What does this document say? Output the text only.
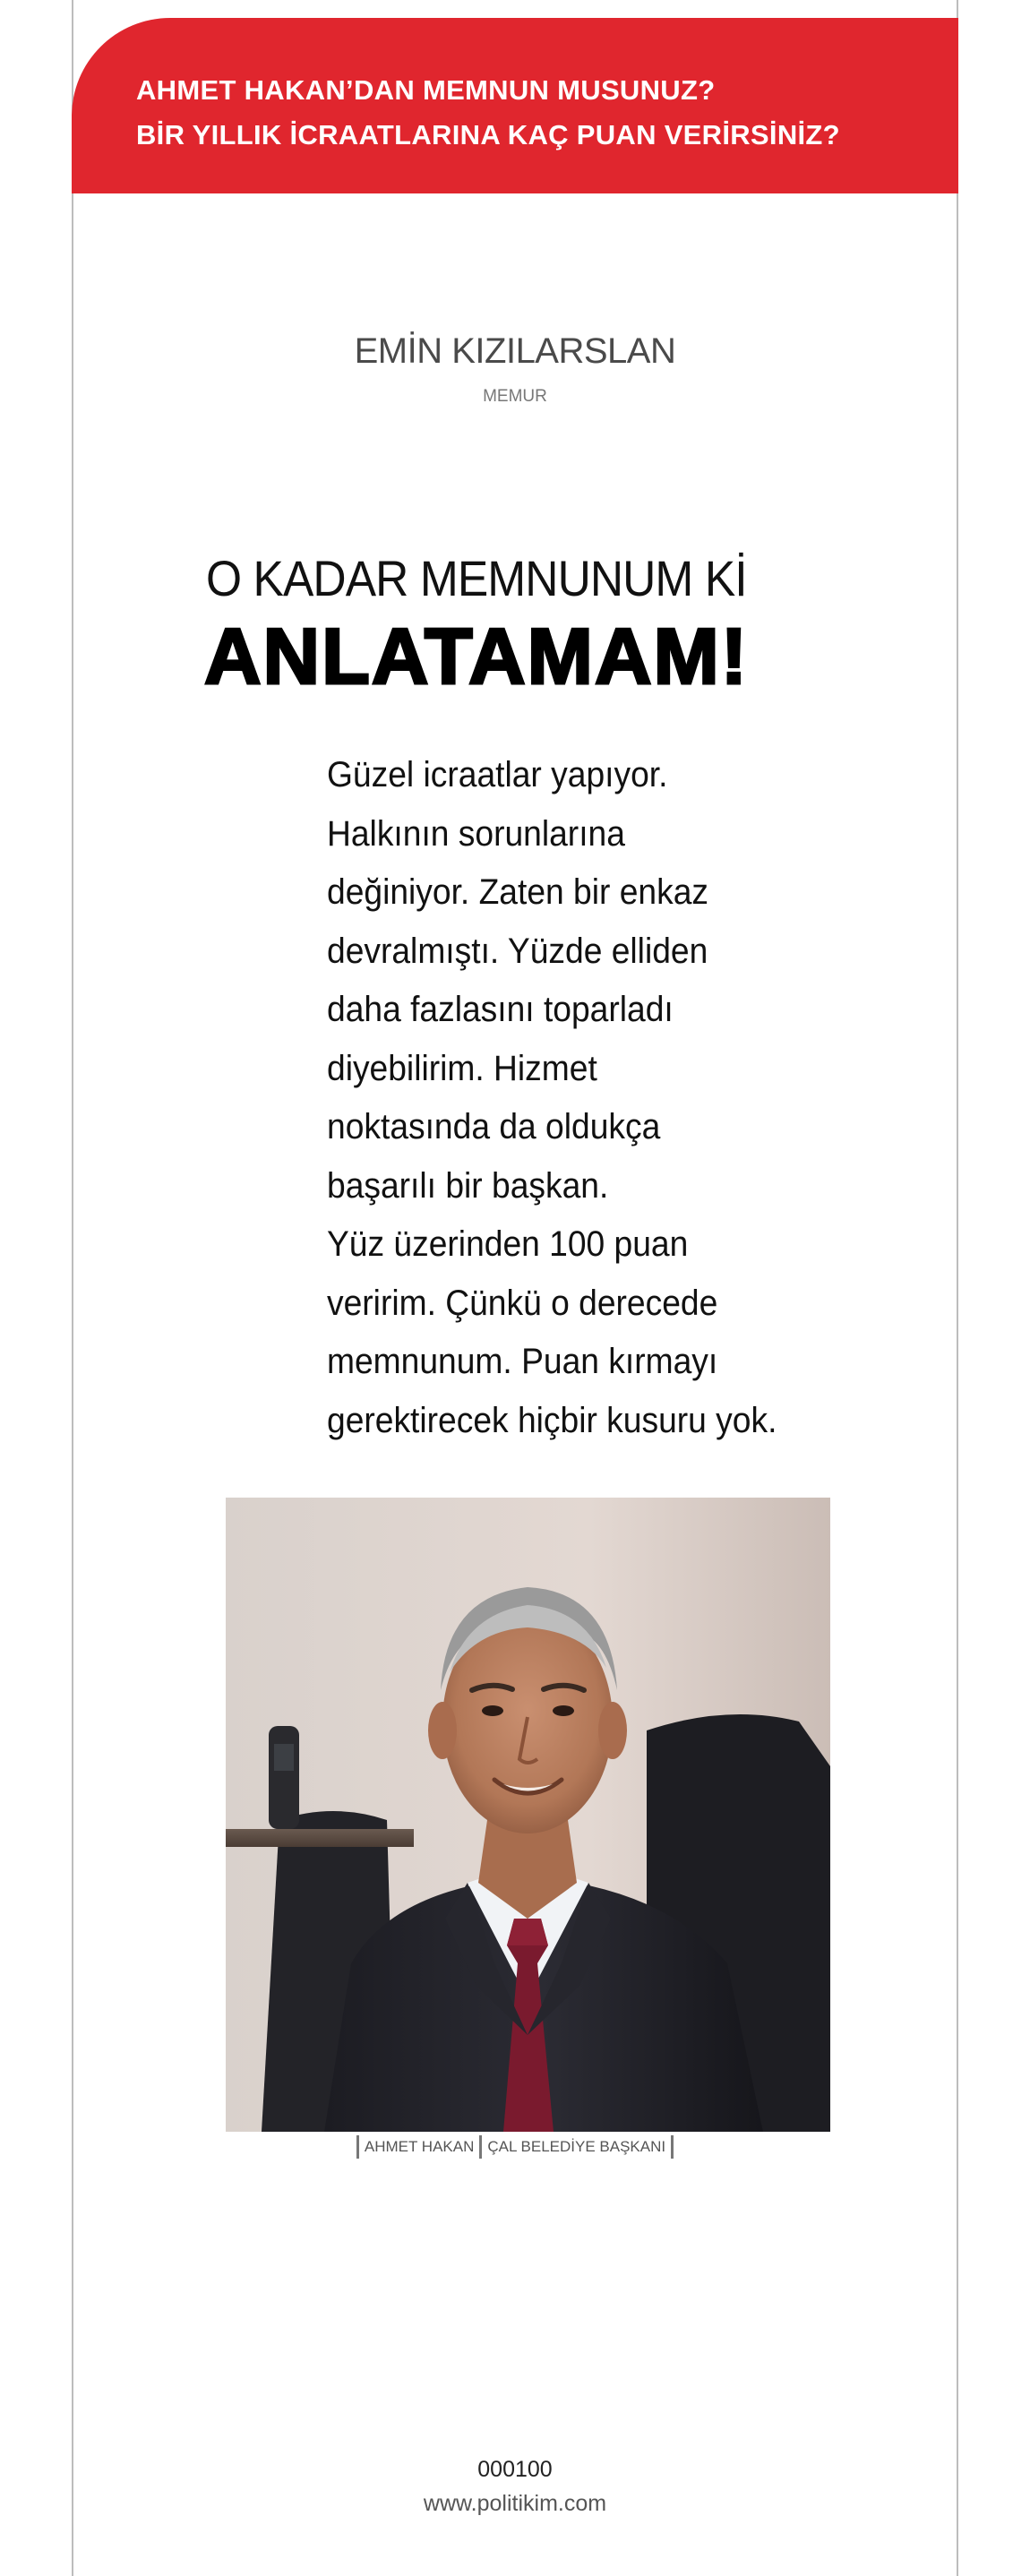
AHMET HAKAN’DAN MEMNUN MUSUNUZ?
BİR YILLIK İCRAATLARINA KAÇ PUAN VERİRSİNİZ?
EMİN KIZILARSLAN
MEMUR
O KADAR MEMNUNUM Kİ
ANLATAMAM!
Güzel icraatlar yapıyor.
Halkının sorunlarına
değiniyor. Zaten bir enkaz
devralmıştı. Yüzde elliden
daha fazlasını toparladı
diyebilirim. Hizmet
noktasında da oldukça
başarılı bir başkan.
Yüz üzerinden 100 puan
veririm. Çünkü o derecede
memnunum. Puan kırmayı
gerektirecek hiçbir kusuru yok.
AHMET HAKAN ÇAL BELEDİYE BAŞKANI
000100
www.politikim.com
